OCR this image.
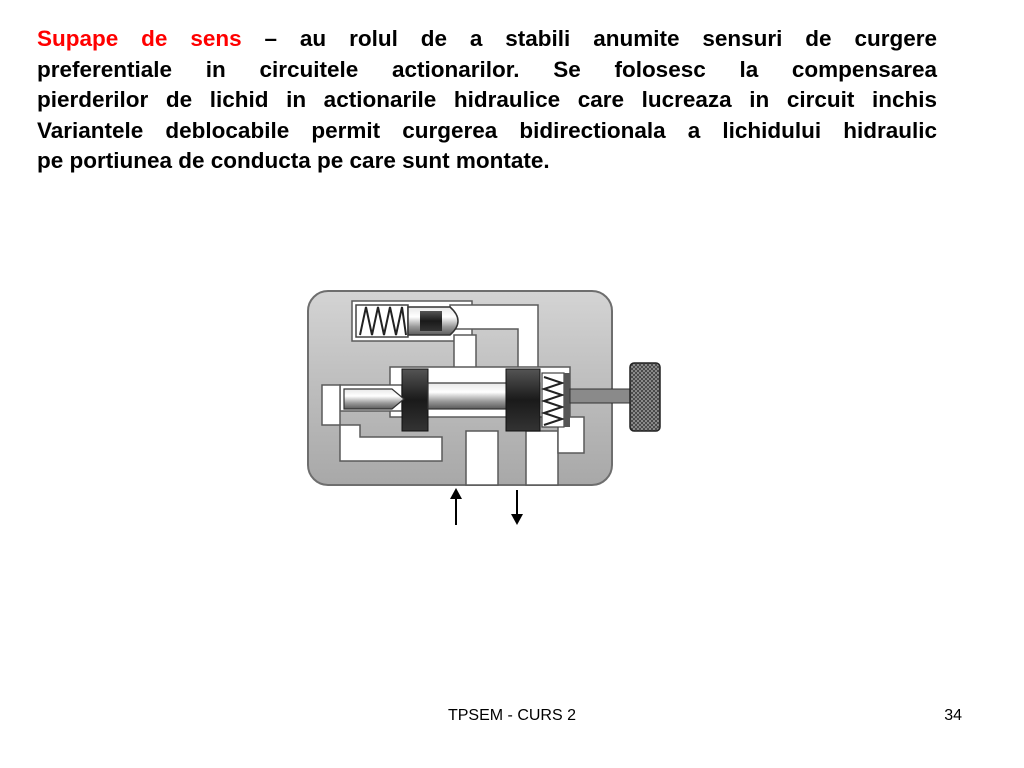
Supape de sens – au rolul de a stabili anumite sensuri de curgere
preferentiale in circuitele actionarilor. Se folosesc la compensarea
pierderilor de lichid in actionarile hidraulice care lucreaza in circuit inchis
Variantele deblocabile permit curgerea bidirectionala a lichidului hidraulic
pe portiunea de conducta pe care sunt montate.

TPSEM - CURS 2	34
